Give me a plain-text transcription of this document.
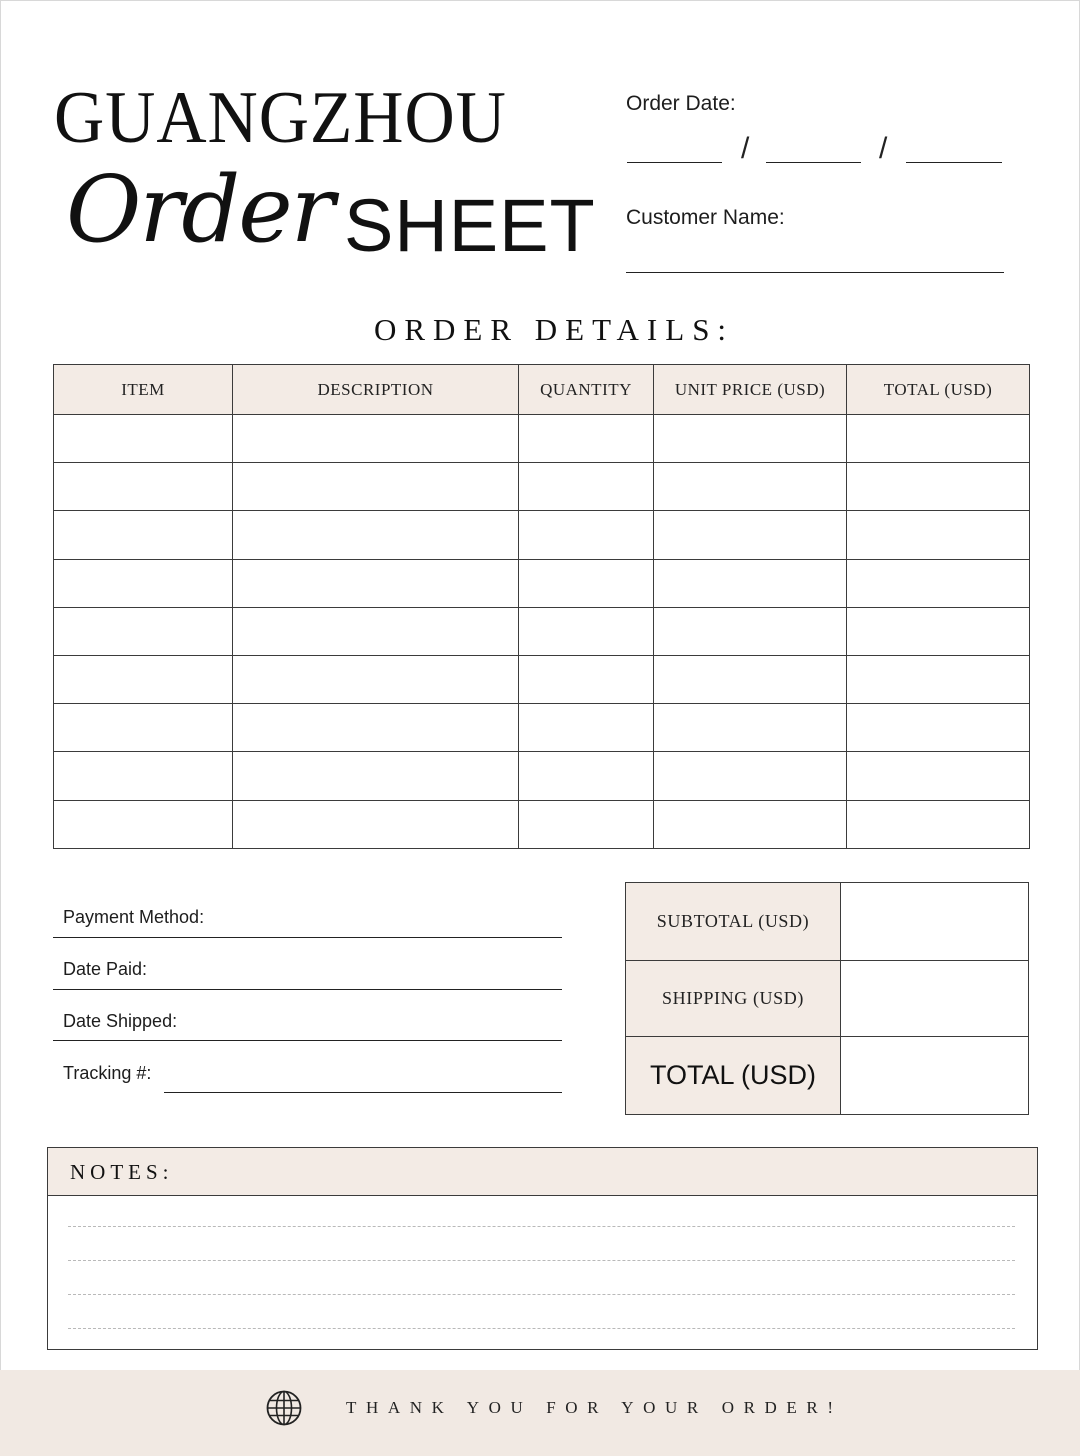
GUANGZHOU
Order SHEET
Order Date:
/	/
Customer Name:
ORDER DETAILS:
ITEM	DESCRIPTION	QUANTITY	UNIT PRICE (USD)	TOTAL (USD)

Payment Method:
Date Paid:
Date Shipped:
Tracking #:
SUBTOTAL (USD)
SHIPPING (USD)
TOTAL (USD)
NOTES:
THANK YOU FOR YOUR ORDER!
